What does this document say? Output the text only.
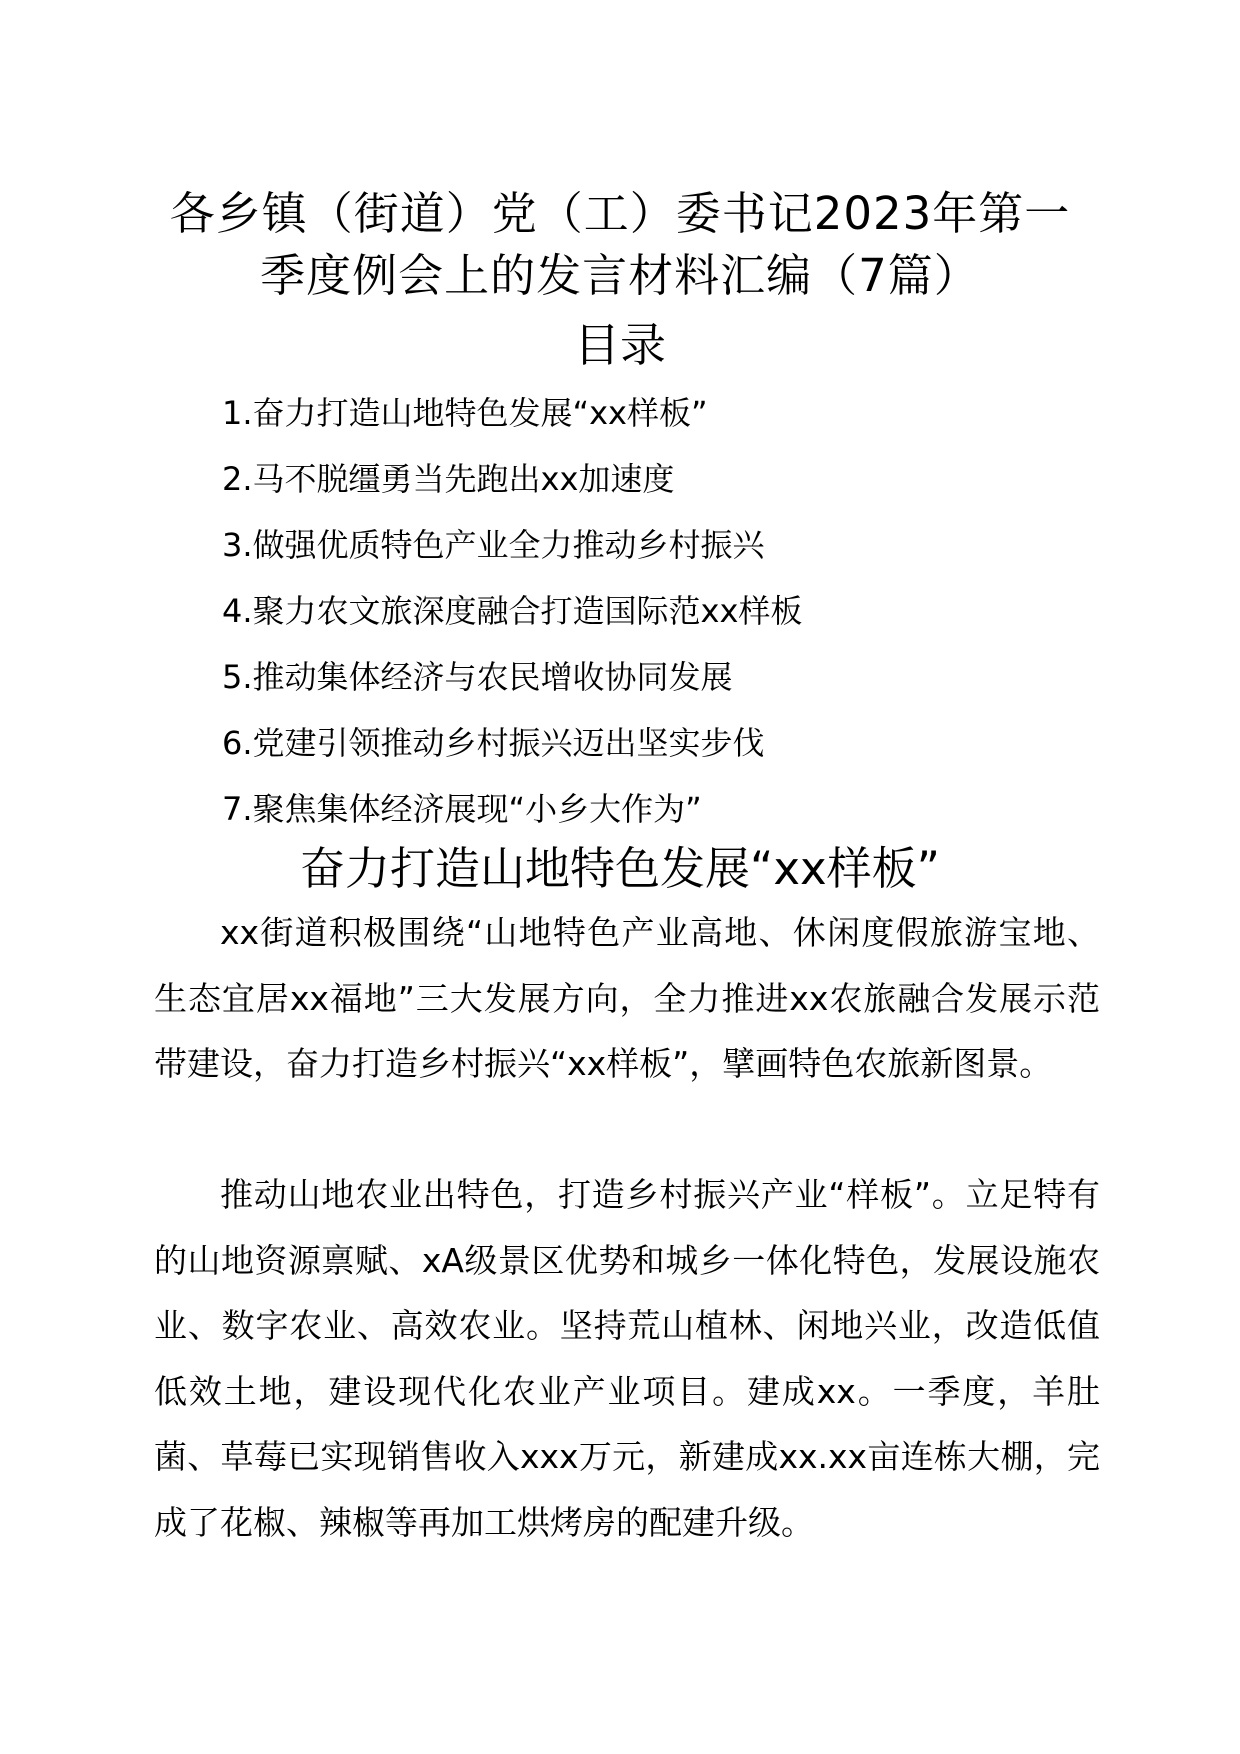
各乡镇（街道）党（工）委书记2023年第一
季度例会上的发言材料汇编（7篇）
目录
1.奋力打造山地特色发展“xx样板”
2.马不脱缰勇当先跑出xx加速度
3.做强优质特色产业全力推动乡村振兴
4.聚力农文旅深度融合打造国际范xx样板
5.推动集体经济与农民增收协同发展
6.党建引领推动乡村振兴迈出坚实步伐
7.聚焦集体经济展现“小乡大作为”
奋力打造山地特色发展“xx样板”

xx街道积极围绕“山地特色产业高地、休闲度假旅游宝地、生态宜居xx福地”三大发展方向，全力推进xx农旅融合发展示范带建设，奋力打造乡村振兴“xx样板”，擘画特色农旅新图景。

推动山地农业出特色，打造乡村振兴产业“样板”。立足特有的山地资源禀赋、xA级景区优势和城乡一体化特色，发展设施农业、数字农业、高效农业。坚持荒山植林、闲地兴业，改造低值低效土地，建设现代化农业产业项目。建成xx。一季度，羊肚菌、草莓已实现销售收入xxx万元，新建成xx.xx亩连栋大棚，完成了花椒、辣椒等再加工烘烤房的配建升级。
